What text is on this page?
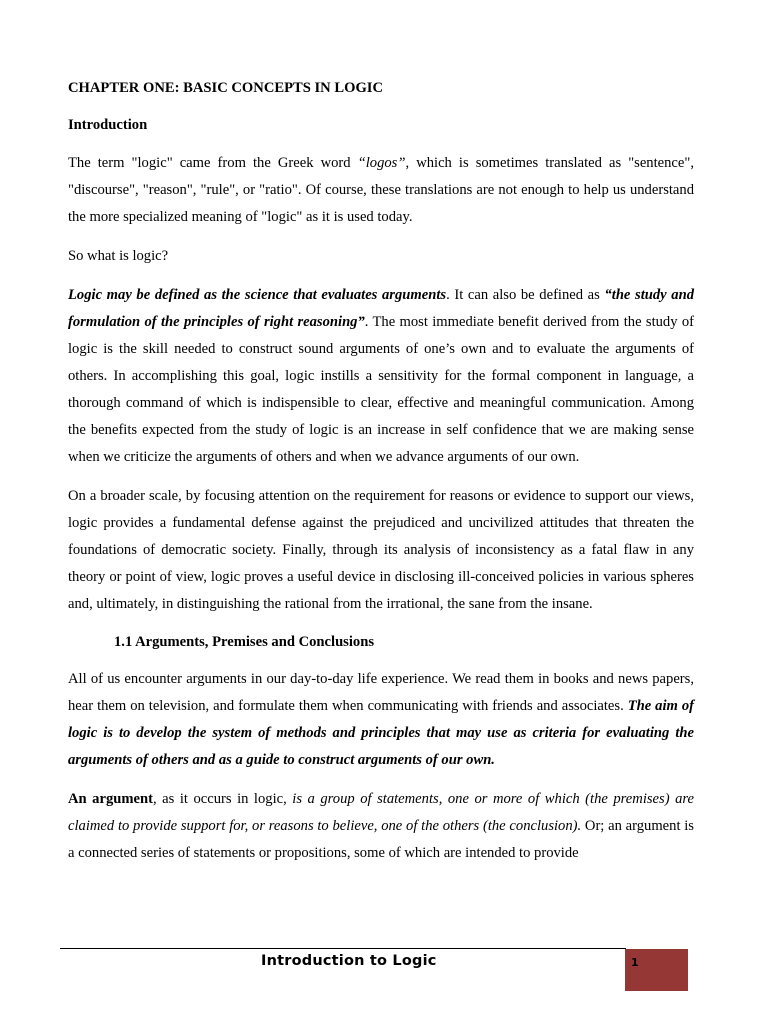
CHAPTER ONE: BASIC CONCEPTS IN LOGIC
Introduction

The term "logic" came from the Greek word “logos”, which is sometimes translated as "sentence", "discourse", "reason", "rule", or "ratio". Of course, these translations are not enough to help us understand the more specialized meaning of "logic" as it is used today.

So what is logic?

Logic may be defined as the science that evaluates arguments. It can also be defined as “the study and formulation of the principles of right reasoning”. The most immediate benefit derived from the study of logic is the skill needed to construct sound arguments of one’s own and to evaluate the arguments of others. In accomplishing this goal, logic instills a sensitivity for the formal component in language, a thorough command of which is indispensible to clear, effective and meaningful communication. Among the benefits expected from the study of logic is an increase in self confidence that we are making sense when we criticize the arguments of others and when we advance arguments of our own.

On a broader scale, by focusing attention on the requirement for reasons or evidence to support our views, logic provides a fundamental defense against the prejudiced and uncivilized attitudes that threaten the foundations of democratic society. Finally, through its analysis of inconsistency as a fatal flaw in any theory or point of view, logic proves a useful device in disclosing ill-conceived policies in various spheres and, ultimately, in distinguishing the rational from the irrational, the sane from the insane.

1.1 Arguments, Premises and Conclusions

All of us encounter arguments in our day-to-day life experience. We read them in books and news papers, hear them on television, and formulate them when communicating with friends and associates. The aim of logic is to develop the system of methods and principles that may use as criteria for evaluating the arguments of others and as a guide to construct arguments of our own.

An argument, as it occurs in logic, is a group of statements, one or more of which (the premises) are claimed to provide support for, or reasons to believe, one of the others (the conclusion). Or; an argument is a connected series of statements or propositions, some of which are intended to provide

Introduction to Logic	1
